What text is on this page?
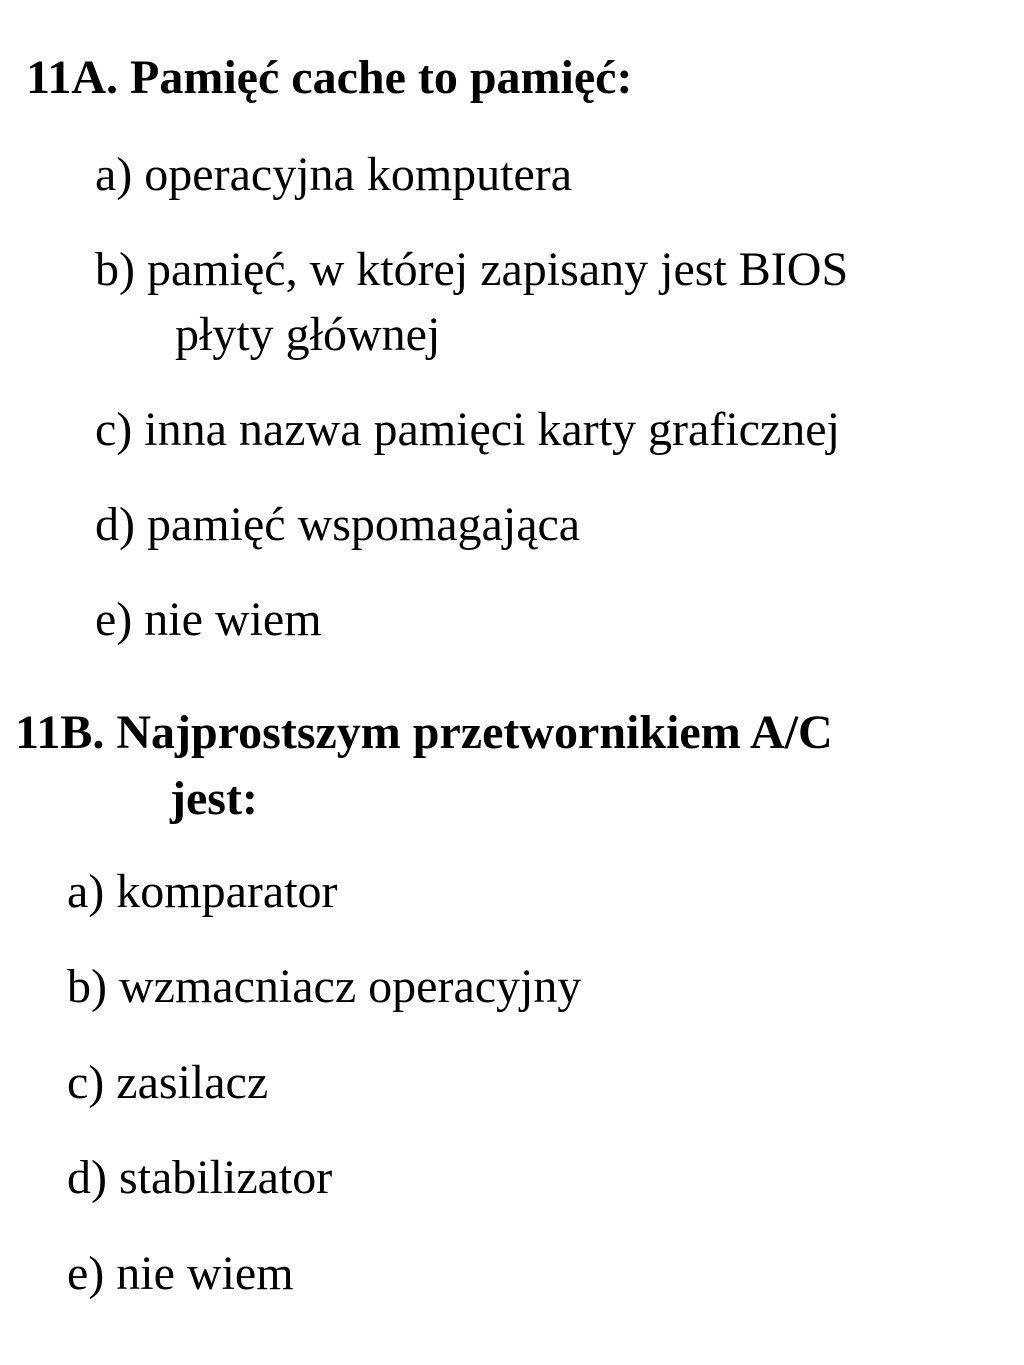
11A. Pamięć cache to pamięć:
a) operacyjna komputera
b) pamięć, w której zapisany jest BIOS
płyty głównej
c) inna nazwa pamięci karty graficznej
d) pamięć wspomagająca
e) nie wiem
11B. Najprostszym przetwornikiem A/C
jest:
a) komparator
b) wzmacniacz operacyjny
c) zasilacz
d) stabilizator
e) nie wiem
